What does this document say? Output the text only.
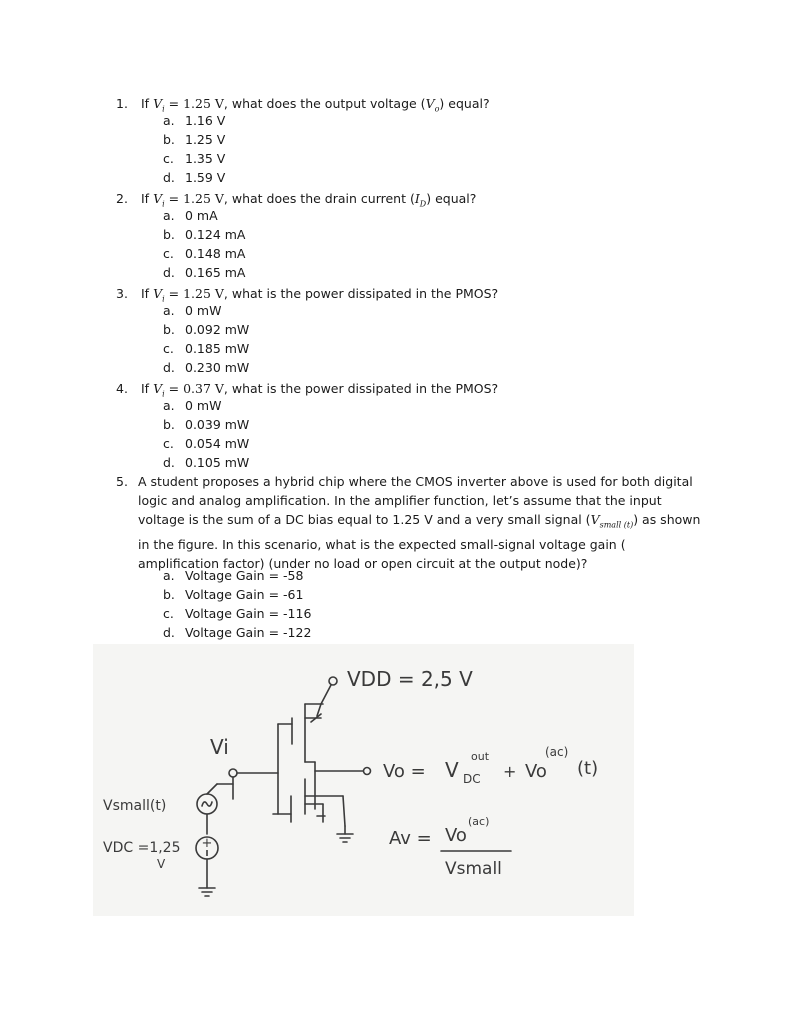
1. If $V_i = 1.25$ V, what does the output voltage $(V_o)$ equal?
a. 1.16 V
b. 1.25 V
c. 1.35 V
d. 1.59 V
2. If $V_i = 1.25$ V, what does the drain current $(I_D)$ equal?
a. 0 mA
b. 0.124 mA
c. 0.148 mA
d. 0.165 mA
3. If $V_i = 1.25$ V, what is the power dissipated in the PMOS?
a. 0 mW
b. 0.092 mW
c. 0.185 mW
d. 0.230 mW
4. If $V_i = 0.37$ V, what is the power dissipated in the PMOS?
a. 0 mW
b. 0.039 mW
c. 0.054 mW
d. 0.105 mW
A student proposes a hybrid chip where the CMOS inverter above is used for both digital logic and analog amplification. In the amplifier function, let’s assume that the input voltage is the sum of a DC bias equal to 1.25 V and a very small signal $(V_{small (t)})$ as shown in the figure. In this scenario, what is the expected small-signal voltage gain ( amplification factor) (under no load or open circuit at the output node)?
5.
a. Voltage Gain = -58
b. Voltage Gain = -61
c. Voltage Gain = -116
d. Voltage Gain = -122
+
VDD = 2,5 V
Vi
Vsmall(t)
VDC =1,25
V
Vo = V
out
DC + Vo
(ac)
(t)
Av = Vo
(ac)
Vsmall
